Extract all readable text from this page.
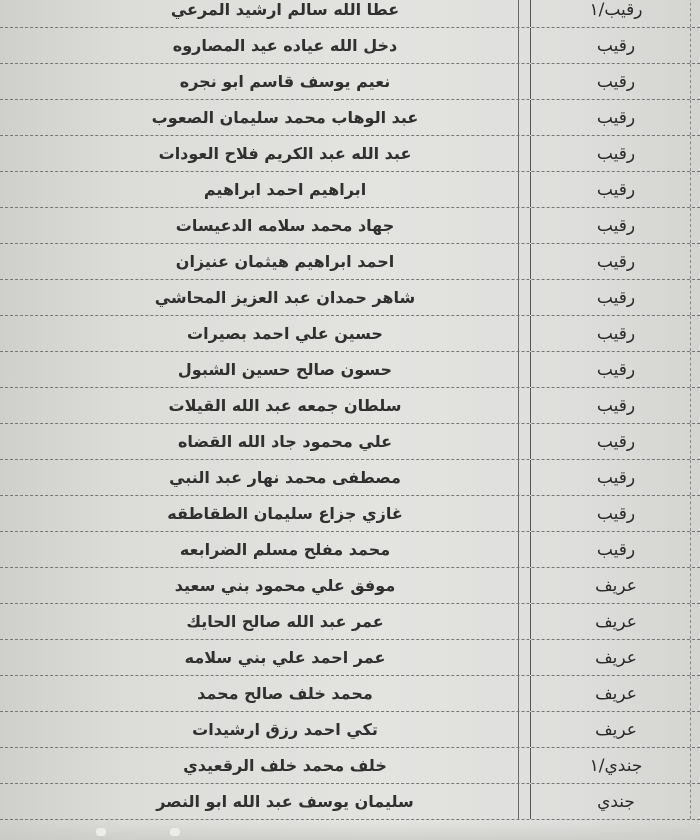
رقيب/١
عطا الله سالم ارشيد المرعي
رقيب
دخل الله عياده عيد المصاروه
رقيب
نعيم يوسف قاسم ابو نجره
رقيب
عبد الوهاب محمد سليمان الصعوب
رقيب
عبد الله عبد الكريم فلاح العودات
رقيب
ابراهيم احمد ابراهيم
رقيب
جهاد محمد سلامه الدعيسات
رقيب
احمد ابراهيم هيثمان عنيزان
رقيب
شاهر حمدان عبد العزيز المحاشي
رقيب
حسين علي احمد بصيرات
رقيب
حسون صالح حسين الشبول
رقيب
سلطان جمعه عبد الله القيلات
رقيب
علي محمود جاد الله القضاه
رقيب
مصطفى محمد نهار عبد النبي
رقيب
غازي جزاع سليمان الطقاطقه
رقيب
محمد مفلح مسلم الضرابعه
عريف
موفق علي محمود بني سعيد
عريف
عمر عبد الله صالح الحايك
عريف
عمر احمد علي بني سلامه
عريف
محمد خلف صالح محمد
عريف
تكي احمد رزق ارشيدات
جندي/١
خلف محمد خلف الرقعيدي
جندي
سليمان يوسف عبد الله ابو النصر
